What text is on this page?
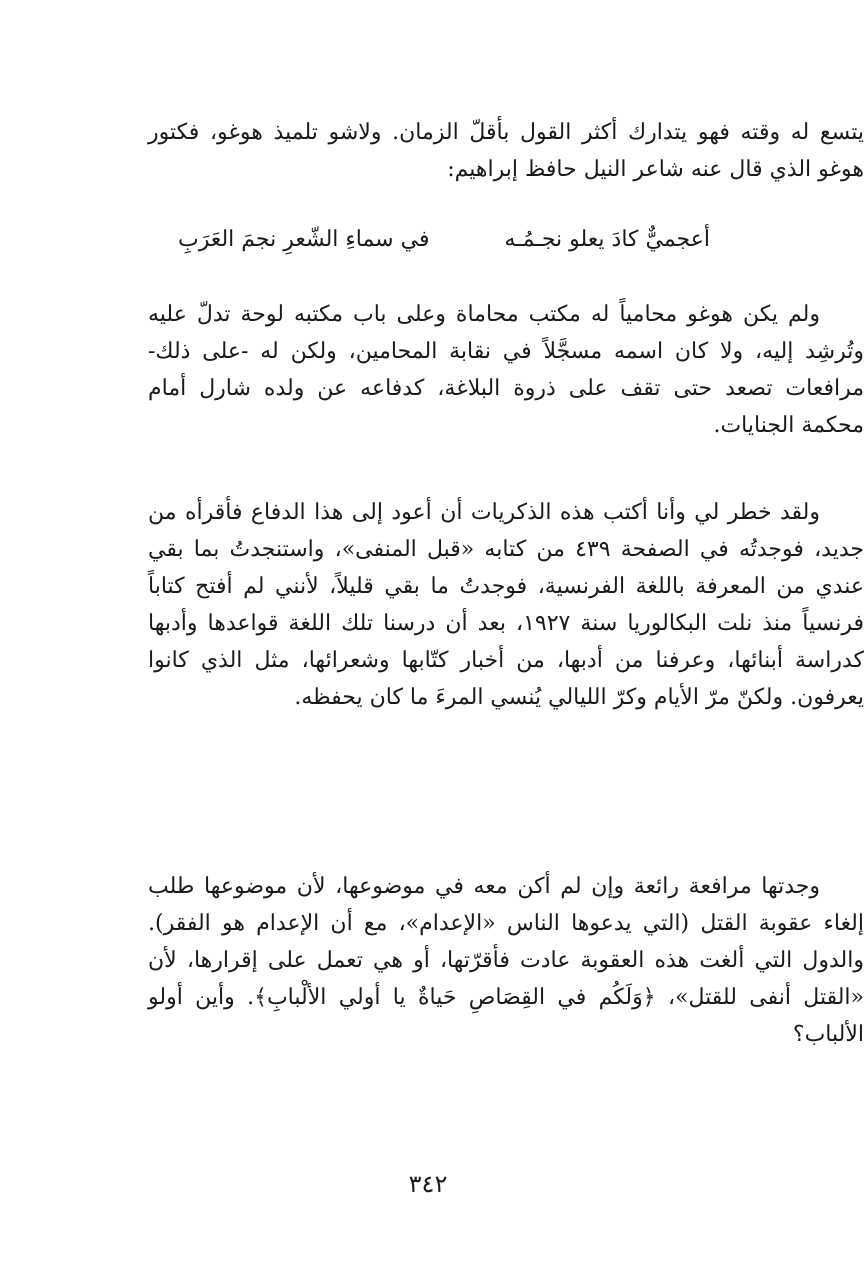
يتسع له وقته فهو يتدارك أكثر القول بأقلّ الزمان. ولاشو تلميذ هوغو، فكتور هوغو الذي قال عنه شاعر النيل حافظ إبراهيم:

أعجميٌّ كادَ يعلو نجـمُـه
في سماءِ الشّعرِ نجمَ العَرَبِ

ولم يكن هوغو محامياً له مكتب محاماة وعلى باب مكتبه لوحة تدلّ عليه وتُرشِد إليه، ولا كان اسمه مسجَّلاً في نقابة المحامين، ولكن له -على ذلك- مرافعات تصعد حتى تقف على ذروة البلاغة، كدفاعه عن ولده شارل أمام محكمة الجنايات.

ولقد خطر لي وأنا أكتب هذه الذكريات أن أعود إلى هذا الدفاع فأقرأه من جديد، فوجدتُه في الصفحة ٤٣٩ من كتابه «قبل المنفى»، واستنجدتُ بما بقي عندي من المعرفة باللغة الفرنسية، فوجدتُ ما بقي قليلاً، لأنني لم أفتح كتاباً فرنسياً منذ نلت البكالوريا سنة ١٩٢٧، بعد أن درسنا تلك اللغة قواعدها وأدبها كدراسة أبنائها، وعرفنا من أدبها، من أخبار كتّابها وشعرائها، مثل الذي كانوا يعرفون. ولكنّ مرّ الأيام وكرّ الليالي يُنسي المرءَ ما كان يحفظه.

وجدتها مرافعة رائعة وإن لم أكن معه في موضوعها، لأن موضوعها طلب إلغاء عقوبة القتل (التي يدعوها الناس «الإعدام»، مع أن الإعدام هو الفقر). والدول التي ألغت هذه العقوبة عادت فأقرّتها، أو هي تعمل على إقرارها، لأن «القتل أنفى للقتل»، ﴿وَلَكُم في القِصَاصِ حَياةٌ يا أولي الألْبابِ﴾. وأين أولو الألباب؟

٣٤٢
